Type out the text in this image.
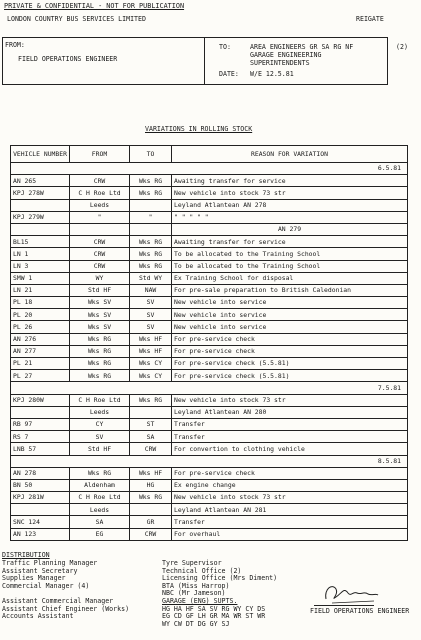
PRIVATE & CONFIDENTIAL - NOT FOR PUBLICATION
LONDON COUNTRY BUS SERVICES LIMITED	REIGATE
FROM:
FIELD OPERATIONS ENGINEER
TO:	AREA ENGINEERS GR SA RG NF
GARAGE ENGINEERING
SUPERINTENDENTS
DATE: W/E 12.5.81
(2)
VARIATIONS IN ROLLING STOCK
VEHICLE NUMBER	FROM	TO	REASON FOR VARIATION
6.5.81			
AN 265	CRW	Wks RG	Awaiting transfer for service
KPJ 278W	C H Roe Ltd	Wks RG	New vehicle into stock 73 str
	Leeds		Leyland Atlantean AN 278
KPJ 279W	"	"	" " " " "
			AN 279
BL15	CRW	Wks RG	Awaiting transfer for service
LN 1	CRW	Wks RG	To be allocated to the Training School
LN 3	CRW	Wks RG	To be allocated to the Training School
SMW 1	WY	Std WY	Ex Training School for disposal
LN 21	Std HF	NAW	For pre-sale preparation to British Caledonian
PL 18	Wks SV	SV	New vehicle into service
PL 20	Wks SV	SV	New vehicle into service
PL 26	Wks SV	SV	New vehicle into service
AN 276	Wks RG	Wks HF	For pre-service check
AN 277	Wks RG	Wks HF	For pre-service check
PL 21	Wks RG	Wks CY	For pre-service check (5.5.81)
PL 27	Wks RG	Wks CY	For pre-service check (5.5.81)
7.5.81			
KPJ 280W	C H Roe Ltd	Wks RG	New vehicle into stock 73 str
	Leeds		Leyland Atlantean AN 280
RB 97	CY	ST	Transfer
RS 7	SV	SA	Transfer
LNB 57	Std HF	CRW	For convertion to clothing vehicle
8.5.81			
AN 278	Wks RG	Wks HF	For pre-service check
BN 50	Aldenham	HG	Ex engine change
KPJ 281W	C H Roe Ltd	Wks RG	New vehicle into stock 73 str
	Leeds		Leyland Atlantean AN 281
SNC 124	SA	GR	Transfer
AN 123	EG	CRW	For overhaul
DISTRIBUTION
Traffic Planning Manager
Assistant Secretary
Supplies Manager
Commercial Manager (4)
Assistant Commercial Manager
Assistant Chief Engineer (Works)
Accounts Assistant
Tyre Supervisor
Technical Office (2)
Licensing Office (Mrs Diment)
BTA (Miss Harrop)
NBC (Mr Jameson)
GARAGE (ENG) SUPTS.
HG HA HF SA SV RG WY CY DS
EG CD GF LH GR MA WR ST WR
WY CW DT DG GY SJ
FIELD OPERATIONS ENGINEER
